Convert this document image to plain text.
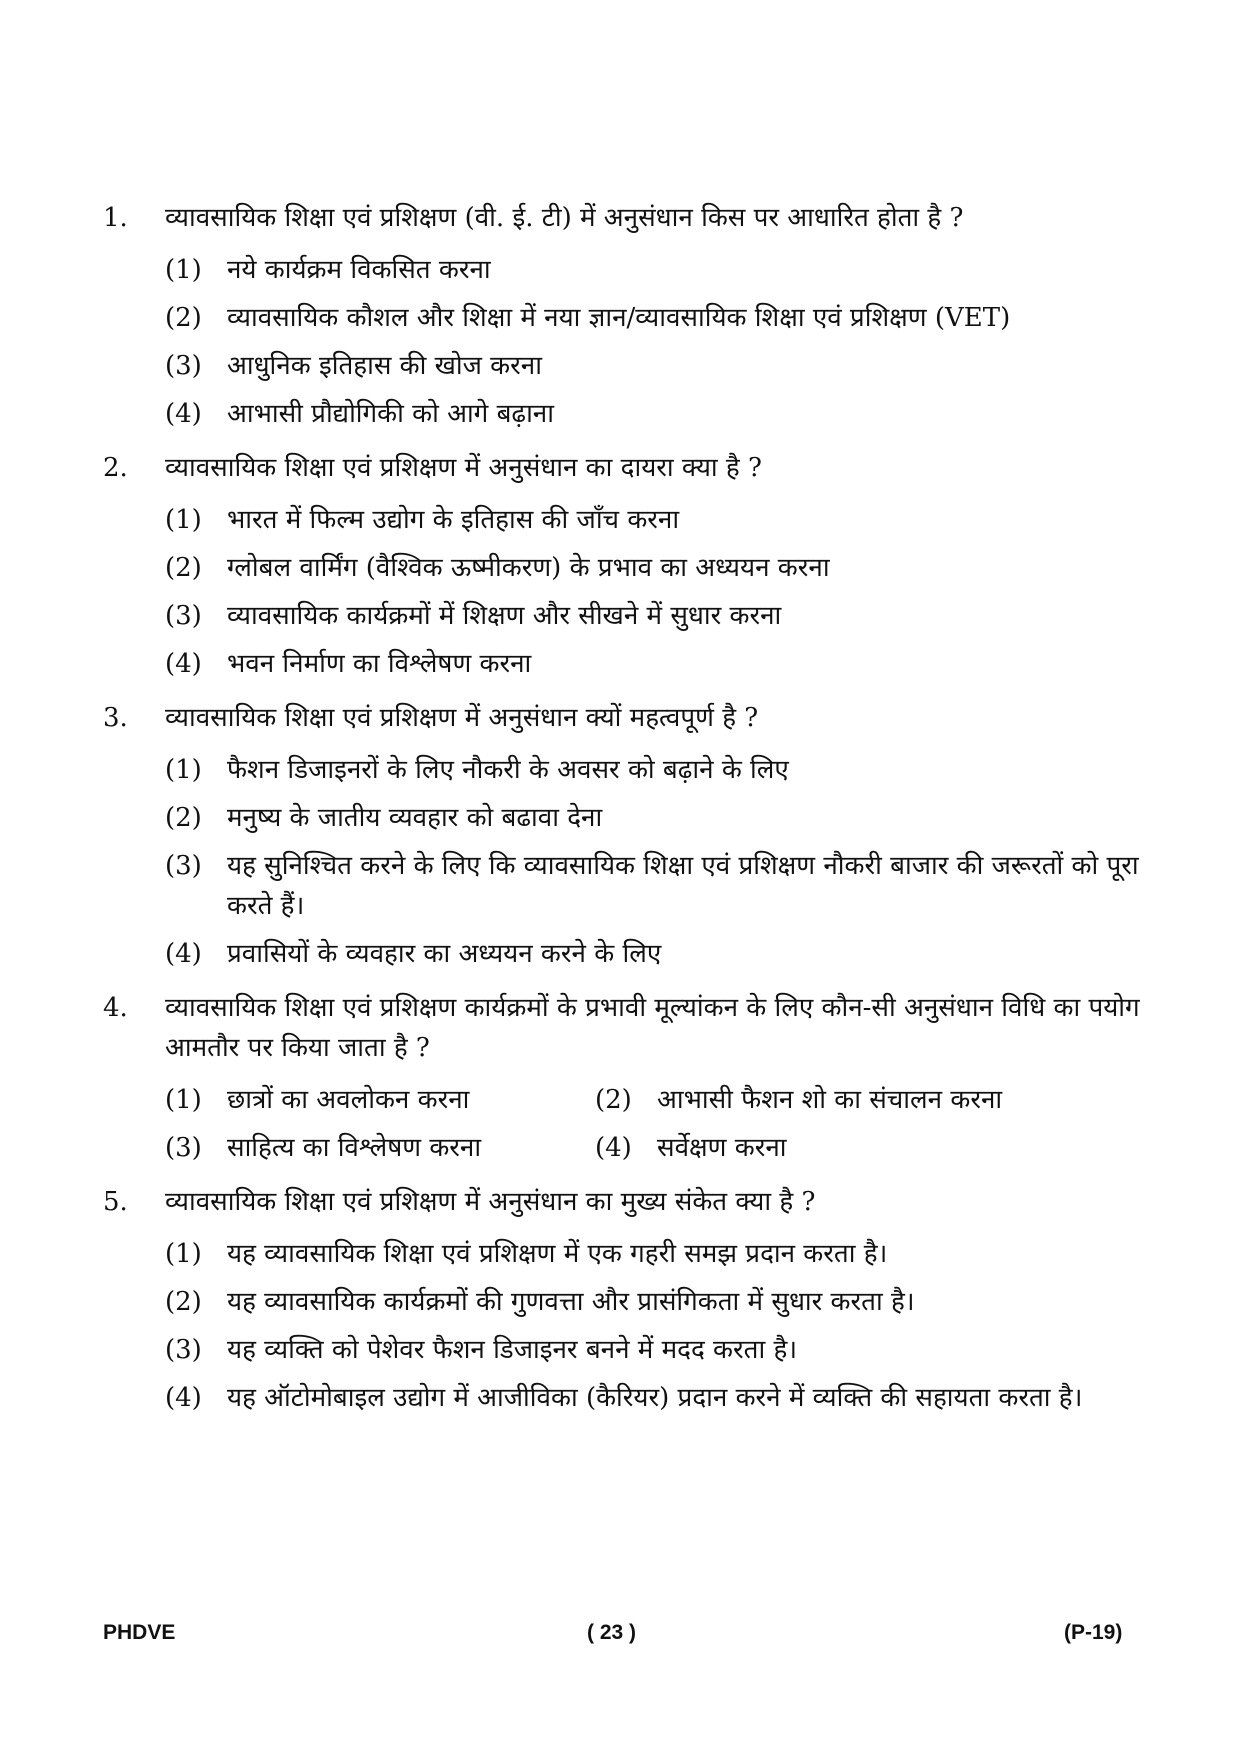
1. व्यावसायिक शिक्षा एवं प्रशिक्षण (वी. ई. टी) में अनुसंधान किस पर आधारित होता है ?
(1) नये कार्यक्रम विकसित करना
(2) व्यावसायिक कौशल और शिक्षा में नया ज्ञान/व्यावसायिक शिक्षा एवं प्रशिक्षण (VET)
(3) आधुनिक इतिहास की खोज करना
(4) आभासी प्रौद्योगिकी को आगे बढ़ाना
2. व्यावसायिक शिक्षा एवं प्रशिक्षण में अनुसंधान का दायरा क्या है ?
(1) भारत में फिल्म उद्योग के इतिहास की जाँच करना
(2) ग्लोबल वार्मिंग (वैश्विक ऊष्मीकरण) के प्रभाव का अध्ययन करना
(3) व्यावसायिक कार्यक्रमों में शिक्षण और सीखने में सुधार करना
(4) भवन निर्माण का विश्लेषण करना
3. व्यावसायिक शिक्षा एवं प्रशिक्षण में अनुसंधान क्यों महत्वपूर्ण है ?
(1) फैशन डिजाइनरों के लिए नौकरी के अवसर को बढ़ाने के लिए
(2) मनुष्य के जातीय व्यवहार को बढावा देना
(3) यह सुनिश्चित करने के लिए कि व्यावसायिक शिक्षा एवं प्रशिक्षण नौकरी बाजार की जरूरतों को पूरा करते हैं।
(4) प्रवासियों के व्यवहार का अध्ययन करने के लिए
4. व्यावसायिक शिक्षा एवं प्रशिक्षण कार्यक्रमों के प्रभावी मूल्यांकन के लिए कौन-सी अनुसंधान विधि का पयोग आमतौर पर किया जाता है ?
(1) छात्रों का अवलोकन करना	(2) आभासी फैशन शो का संचालन करना
(3) साहित्य का विश्लेषण करना	(4) सर्वेक्षण करना
5. व्यावसायिक शिक्षा एवं प्रशिक्षण में अनुसंधान का मुख्य संकेत क्या है ?
(1) यह व्यावसायिक शिक्षा एवं प्रशिक्षण में एक गहरी समझ प्रदान करता है।
(2) यह व्यावसायिक कार्यक्रमों की गुणवत्ता और प्रासंगिकता में सुधार करता है।
(3) यह व्यक्ति को पेशेवर फैशन डिजाइनर बनने में मदद करता है।
(4) यह ऑटोमोबाइल उद्योग में आजीविका (कैरियर) प्रदान करने में व्यक्ति की सहायता करता है।
PHDVE	( 23 )	(P-19)
